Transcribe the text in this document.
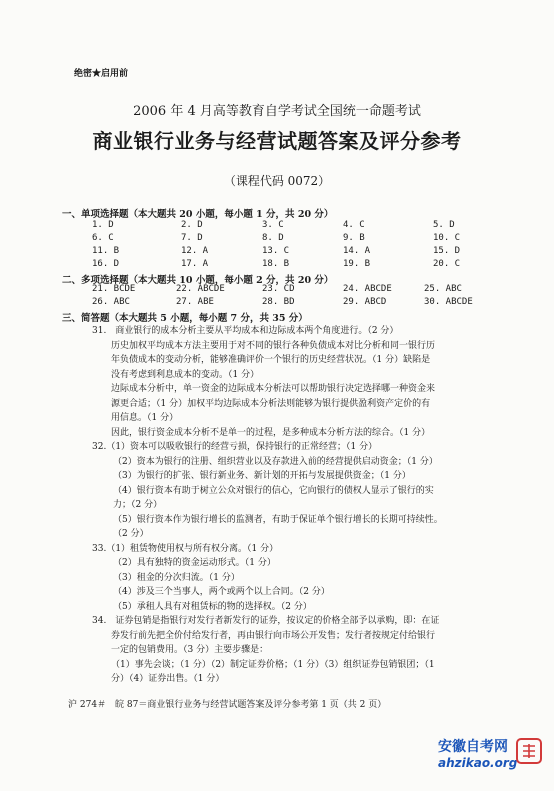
绝密★启用前
2006 年 4 月高等教育自学考试全国统一命题考试
商业银行业务与经营试题答案及评分参考
（课程代码 0072）
一、单项选择题（本大题共 20 小题，每小题 1 分，共 20 分）
二、多项选择题（本大题共 10 小题，每小题 2 分，共 20 分）
三、简答题（本大题共 5 小题，每小题 7 分，共 35 分）
沪 274＃　皖 87＝商业银行业务与经营试题答案及评分参考第 1 页（共 2 页）
安徽自考网
ahzikao.org
1. D	2. D	3. C	4. C	5. D
6. C	7. D	8. D	9. B	10. C
11. B	12. A	13. C	14. A	15. D
16. D	17. A	18. B	19. B	20. C
21. BCDE	22. ABCDE	23. CD	24. ABCDE	25. ABC
26. ABC	27. ABE	28. BD	29. ABCD	30. ABCDE
31.　商业银行的成本分析主要从平均成本和边际成本两个角度进行。（2 分）
历史加权平均成本方法主要用于对不同的银行各种负债成本对比分析和同一银行历
年负债成本的变动分析，能够准确评价一个银行的历史经营状况。（1 分）缺陷是
没有考虑到利息成本的变动。（1 分）
边际成本分析中，单一资金的边际成本分析法可以帮助银行决定选择哪一种资金来
源更合适；（1 分）加权平均边际成本分析法则能够为银行提供盈利资产定价的有
用信息。（1 分）
因此，银行资金成本分析不是单一的过程，是多种成本分析方法的综合。（1 分）
32.（1）资本可以吸收银行的经营亏损，保持银行的正常经营；（1 分）
（2）资本为银行的注册、组织营业以及存款进入前的经营提供启动资金；（1 分）
（3）为银行的扩张、银行新业务、新计划的开拓与发展提供资金；（1 分）
（4）银行资本有助于树立公众对银行的信心，它向银行的债权人显示了银行的实
力；（2 分）
（5）银行资本作为银行增长的监测者，有助于保证单个银行增长的长期可持续性。
（2 分）
33.（1）租赁物使用权与所有权分离。（1 分）
（2）具有独特的资金运动形式。（1 分）
（3）租金的分次归流。（1 分）
（4）涉及三个当事人，两个或两个以上合同。（2 分）
（5）承租人具有对租赁标的物的选择权。（2 分）
34.　证券包销是指银行对发行者新发行的证券，按议定的价格全部予以承购，即：在证
券发行前先把全价付给发行者，再由银行向市场公开发售；发行者按规定付给银行
一定的包销费用。（3 分）主要步骤是：
（1）事先会谈；（1 分）（2）制定证券价格；（1 分）（3）组织证券包销银团；（1
分）（4）证券出售。（1 分）
